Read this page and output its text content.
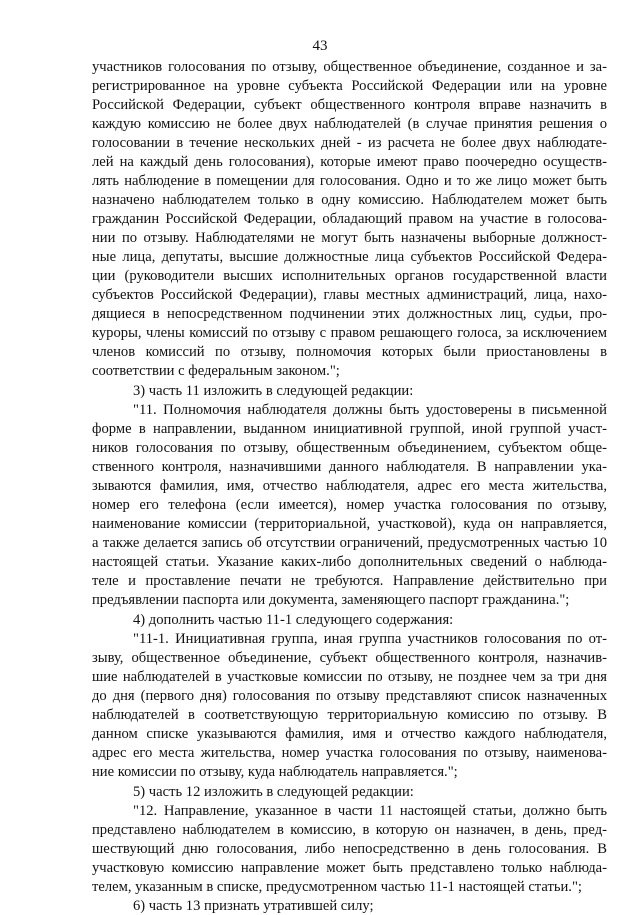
43
участников голосования по отзыву, общественное объединение, созданное и за-
регистрированное на уровне субъекта Российской Федерации или на уровне
Российской Федерации, субъект общественного контроля вправе назначить в
каждую комиссию не более двух наблюдателей (в случае принятия решения о
голосовании в течение нескольких дней - из расчета не более двух наблюдате-
лей на каждый день голосования), которые имеют право поочередно осуществ-
лять наблюдение в помещении для голосования. Одно и то же лицо может быть
назначено наблюдателем только в одну комиссию. Наблюдателем может быть
гражданин Российской Федерации, обладающий правом на участие в голосова-
нии по отзыву. Наблюдателями не могут быть назначены выборные должност-
ные лица, депутаты, высшие должностные лица субъектов Российской Федера-
ции (руководители высших исполнительных органов государственной власти
субъектов Российской Федерации), главы местных администраций, лица, нахо-
дящиеся в непосредственном подчинении этих должностных лиц, судьи, про-
куроры, члены комиссий по отзыву с правом решающего голоса, за исключением
членов комиссий по отзыву, полномочия которых были приостановлены в
соответствии с федеральным законом.";
3) часть 11 изложить в следующей редакции:
"11. Полномочия наблюдателя должны быть удостоверены в письменной
форме в направлении, выданном инициативной группой, иной группой участ-
ников голосования по отзыву, общественным объединением, субъектом обще-
ственного контроля, назначившими данного наблюдателя. В направлении ука-
зываются фамилия, имя, отчество наблюдателя, адрес его места жительства,
номер его телефона (если имеется), номер участка голосования по отзыву,
наименование комиссии (территориальной, участковой), куда он направляется,
а также делается запись об отсутствии ограничений, предусмотренных частью 10
настоящей статьи. Указание каких-либо дополнительных сведений о наблюда-
теле и проставление печати не требуются. Направление действительно при
предъявлении паспорта или документа, заменяющего паспорт гражданина.";
4) дополнить частью 11-1 следующего содержания:
"11-1. Инициативная группа, иная группа участников голосования по от-
зыву, общественное объединение, субъект общественного контроля, назначив-
шие наблюдателей в участковые комиссии по отзыву, не позднее чем за три дня
до дня (первого дня) голосования по отзыву представляют список назначенных
наблюдателей в соответствующую территориальную комиссию по отзыву. В
данном списке указываются фамилия, имя и отчество каждого наблюдателя,
адрес его места жительства, номер участка голосования по отзыву, наименова-
ние комиссии по отзыву, куда наблюдатель направляется.";
5) часть 12 изложить в следующей редакции:
"12. Направление, указанное в части 11 настоящей статьи, должно быть
представлено наблюдателем в комиссию, в которую он назначен, в день, пред-
шествующий дню голосования, либо непосредственно в день голосования. В
участковую комиссию направление может быть представлено только наблюда-
телем, указанным в списке, предусмотренном частью 11-1 настоящей статьи.";
6) часть 13 признать утратившей силу;
